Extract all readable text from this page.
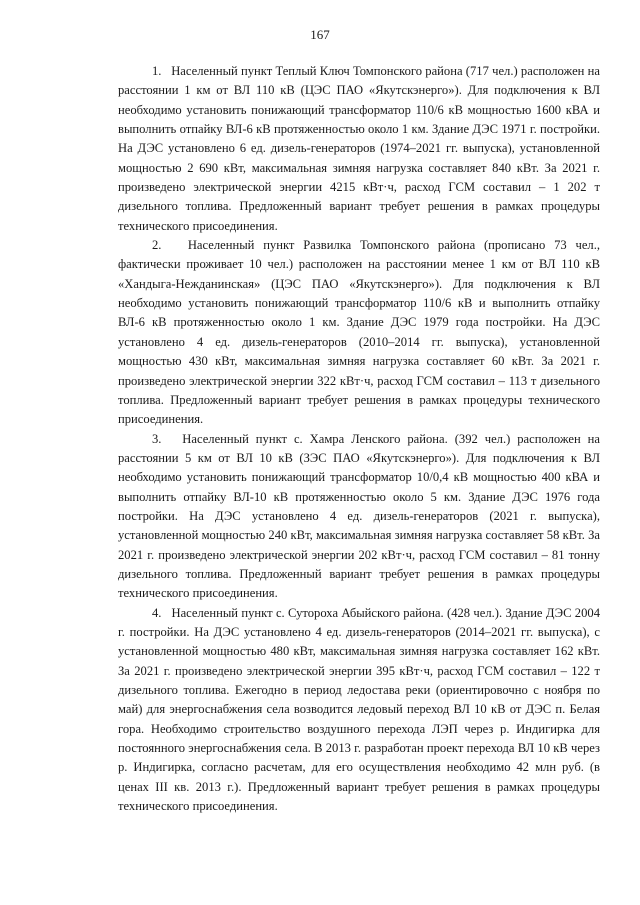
167

1. Населенный пункт Теплый Ключ Томпонского района (717 чел.) расположен на расстоянии 1 км от ВЛ 110 кВ (ЦЭС ПАО «Якутскэнерго»). Для подключения к ВЛ необходимо установить понижающий трансформатор 110/6 кВ мощностью 1600 кВА и выполнить отпайку ВЛ-6 кВ протяженностью около 1 км. Здание ДЭС 1971 г. постройки. На ДЭС установлено 6 ед. дизель-генераторов (1974–2021 гг. выпуска), установленной мощностью 2 690 кВт, максимальная зимняя нагрузка составляет 840 кВт. За 2021 г. произведено электрической энергии 4215 кВт·ч, расход ГСМ составил – 1 202 т дизельного топлива. Предложенный вариант требует решения в рамках процедуры технического присоединения.

2. Населенный пункт Развилка Томпонского района (прописано 73 чел., фактически проживает 10 чел.) расположен на расстоянии менее 1 км от ВЛ 110 кВ «Хандыга-Нежданинская» (ЦЭС ПАО «Якутскэнерго»). Для подключения к ВЛ необходимо установить понижающий трансформатор 110/6 кВ и выполнить отпайку ВЛ-6 кВ протяженностью около 1 км. Здание ДЭС 1979 года постройки. На ДЭС установлено 4 ед. дизель-генераторов (2010–2014 гг. выпуска), установленной мощностью 430 кВт, максимальная зимняя нагрузка составляет 60 кВт. За 2021 г. произведено электрической энергии 322 кВт·ч, расход ГСМ составил – 113 т дизельного топлива. Предложенный вариант требует решения в рамках процедуры технического присоединения.

3. Населенный пункт с. Хамра Ленского района. (392 чел.) расположен на расстоянии 5 км от ВЛ 10 кВ (ЗЭС ПАО «Якутскэнерго»). Для подключения к ВЛ необходимо установить понижающий трансформатор 10/0,4 кВ мощностью 400 кВА и выполнить отпайку ВЛ-10 кВ протяженностью около 5 км. Здание ДЭС 1976 года постройки. На ДЭС установлено 4 ед. дизель-генераторов (2021 г. выпуска), установленной мощностью 240 кВт, максимальная зимняя нагрузка составляет 58 кВт. За 2021 г. произведено электрической энергии 202 кВт·ч, расход ГСМ составил – 81 тонну дизельного топлива. Предложенный вариант требует решения в рамках процедуры технического присоединения.

4. Населенный пункт с. Сутороха Абыйского района. (428 чел.). Здание ДЭС 2004 г. постройки. На ДЭС установлено 4 ед. дизель-генераторов (2014–2021 гг. выпуска), с установленной мощностью 480 кВт, максимальная зимняя нагрузка составляет 162 кВт. За 2021 г. произведено электрической энергии 395 кВт·ч, расход ГСМ составил – 122 т дизельного топлива. Ежегодно в период ледостава реки (ориентировочно с ноября по май) для энергоснабжения села возводится ледовый переход ВЛ 10 кВ от ДЭС п. Белая гора. Необходимо строительство воздушного перехода ЛЭП через р. Индигирка для постоянного энергоснабжения села. В 2013 г. разработан проект перехода ВЛ 10 кВ через р. Индигирка, согласно расчетам, для его осуществления необходимо 42 млн руб. (в ценах III кв. 2013 г.). Предложенный вариант требует решения в рамках процедуры технического присоединения.
